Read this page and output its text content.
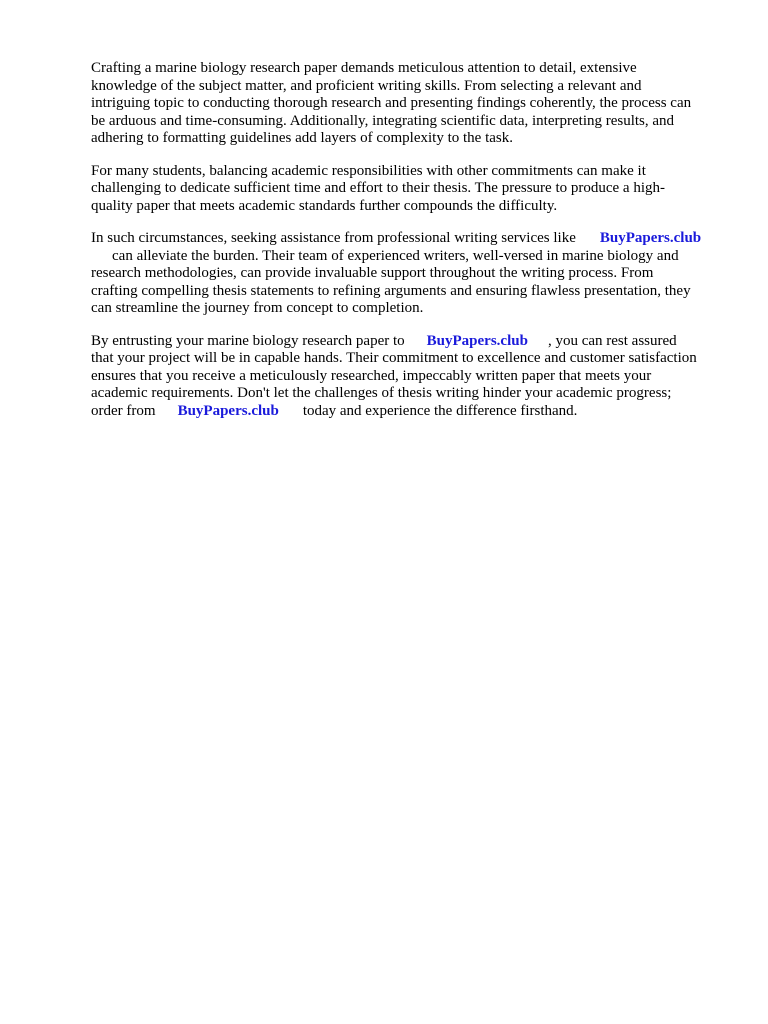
Crafting a marine biology research paper demands meticulous attention to detail, extensive
knowledge of the subject matter, and proficient writing skills. From selecting a relevant and
intriguing topic to conducting thorough research and presenting findings coherently, the process can
be arduous and time-consuming. Additionally, integrating scientific data, interpreting results, and
adhering to formatting guidelines add layers of complexity to the task.

For many students, balancing academic responsibilities with other commitments can make it
challenging to dedicate sufficient time and effort to their thesis. The pressure to produce a high-
quality paper that meets academic standards further compounds the difficulty.

In such circumstances, seeking assistance from professional writing services like BuyPapers.club
can alleviate the burden. Their team of experienced writers, well-versed in marine biology and
research methodologies, can provide invaluable support throughout the writing process. From
crafting compelling thesis statements to refining arguments and ensuring flawless presentation, they
can streamline the journey from concept to completion.

By entrusting your marine biology research paper to BuyPapers.club , you can rest assured
that your project will be in capable hands. Their commitment to excellence and customer satisfaction
ensures that you receive a meticulously researched, impeccably written paper that meets your
academic requirements. Don't let the challenges of thesis writing hinder your academic progress;
order from BuyPapers.club today and experience the difference firsthand.
